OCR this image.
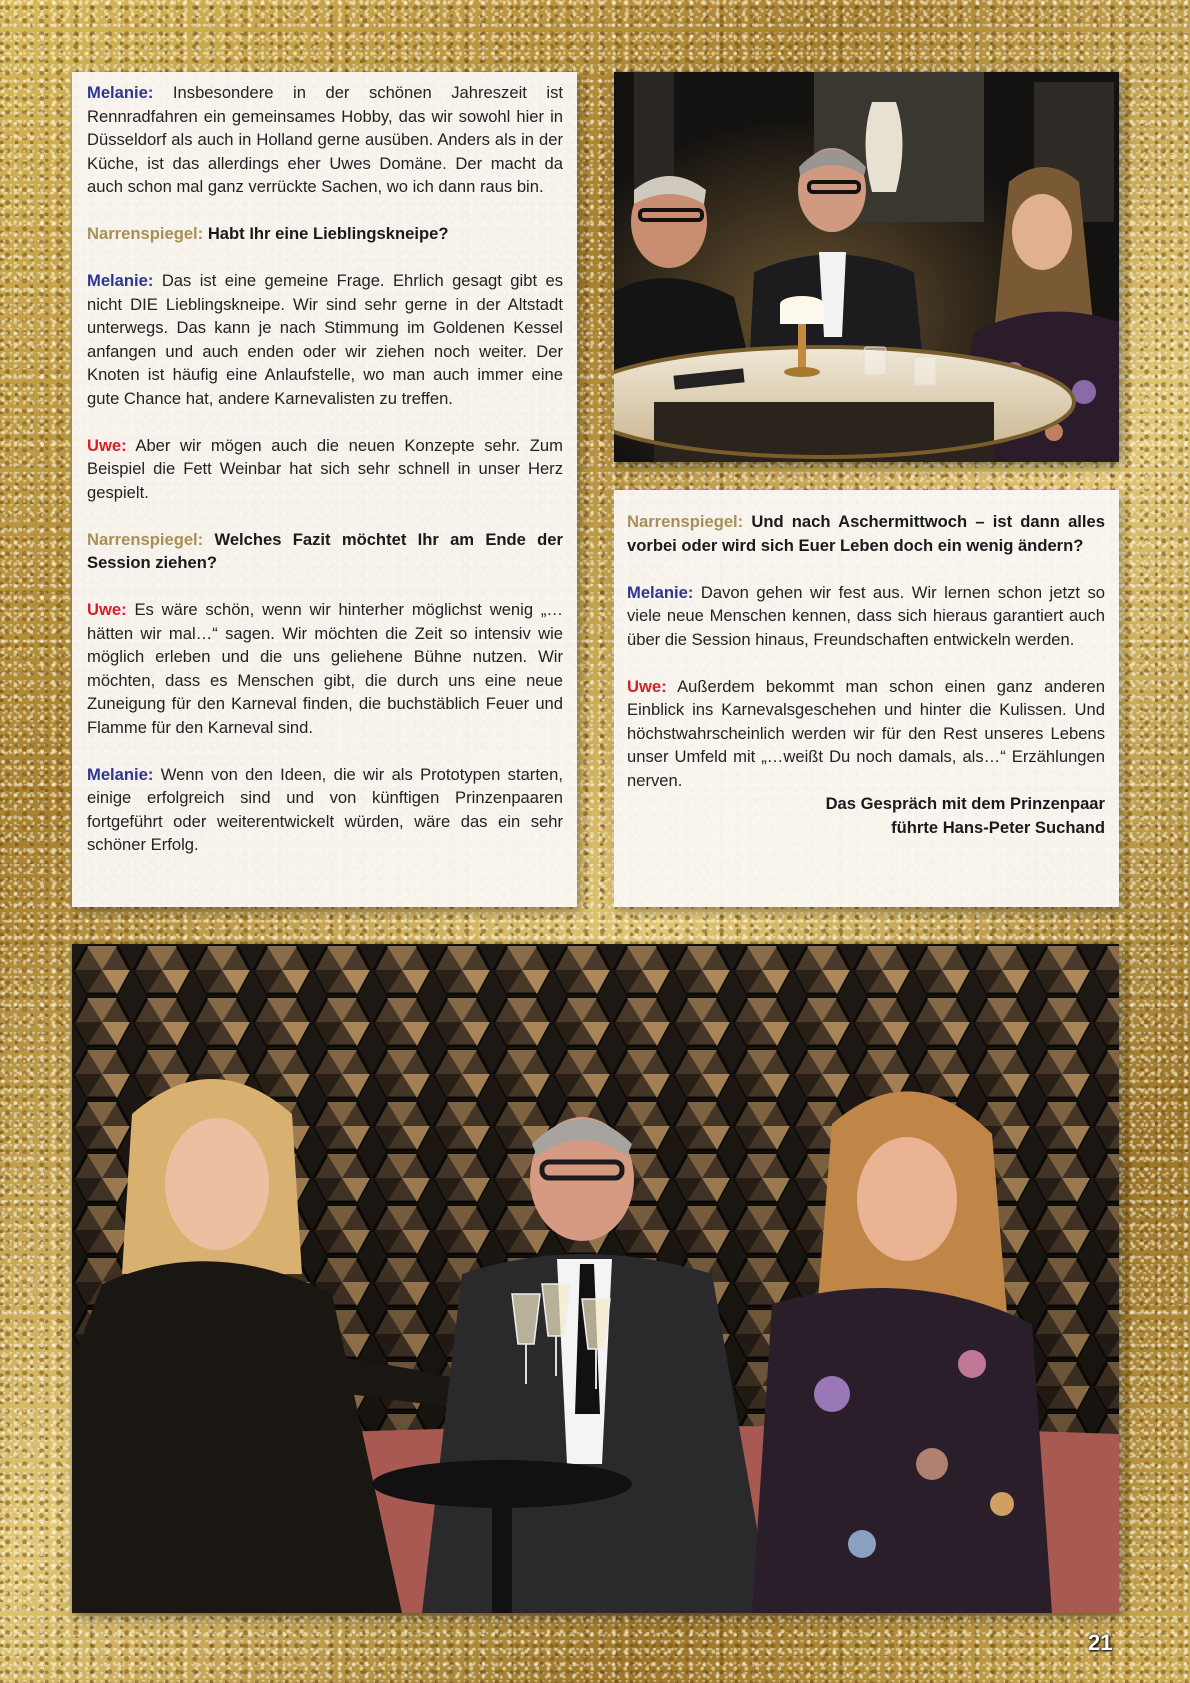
Melanie: Insbesondere in der schönen Jahreszeit ist Rennradfahren ein gemeinsames Hobby, das wir sowohl hier in Düsseldorf als auch in Holland gerne ausüben. Anders als in der Küche, ist das allerdings eher Uwes Domäne. Der macht da auch schon mal ganz verrückte Sachen, wo ich dann raus bin.

Narrenspiegel: Habt Ihr eine Lieblingskneipe?

Melanie: Das ist eine gemeine Frage. Ehrlich gesagt gibt es nicht DIE Lieblingskneipe. Wir sind sehr gerne in der Altstadt unterwegs. Das kann je nach Stimmung im Goldenen Kessel anfangen und auch enden oder wir ziehen noch weiter. Der Knoten ist häufig eine Anlaufstelle, wo man auch immer eine gute Chance hat, andere Karnevalisten zu treffen.

Uwe: Aber wir mögen auch die neuen Konzepte sehr. Zum Beispiel die Fett Weinbar hat sich sehr schnell in unser Herz gespielt.

Narrenspiegel: Welches Fazit möchtet Ihr am Ende der Session ziehen?

Uwe: Es wäre schön, wenn wir hinterher möglichst wenig „…hätten wir mal…“ sagen. Wir möchten die Zeit so intensiv wie möglich erleben und die uns geliehene Bühne nutzen. Wir möchten, dass es Menschen gibt, die durch uns eine neue Zuneigung für den Karneval finden, die buchstäblich Feuer und Flamme für den Karneval sind.

Melanie: Wenn von den Ideen, die wir als Prototypen starten, einige erfolgreich sind und von künftigen Prinzenpaaren fortgeführt oder weiterentwickelt würden, wäre das ein sehr schöner Erfolg.

Narrenspiegel: Und nach Aschermittwoch – ist dann alles vorbei oder wird sich Euer Leben doch ein wenig ändern?

Melanie: Davon gehen wir fest aus. Wir lernen schon jetzt so viele neue Menschen kennen, dass sich hieraus garantiert auch über die Session hinaus, Freundschaften entwickeln werden.

Uwe: Außerdem bekommt man schon einen ganz anderen Einblick ins Karnevalsgeschehen und hinter die Kulissen. Und höchstwahrscheinlich werden wir für den Rest unseres Lebens unser Umfeld mit „…weißt Du noch damals, als…“ Erzählungen nerven.

Das Gespräch mit dem Prinzenpaar

führte Hans-Peter Suchand

21
